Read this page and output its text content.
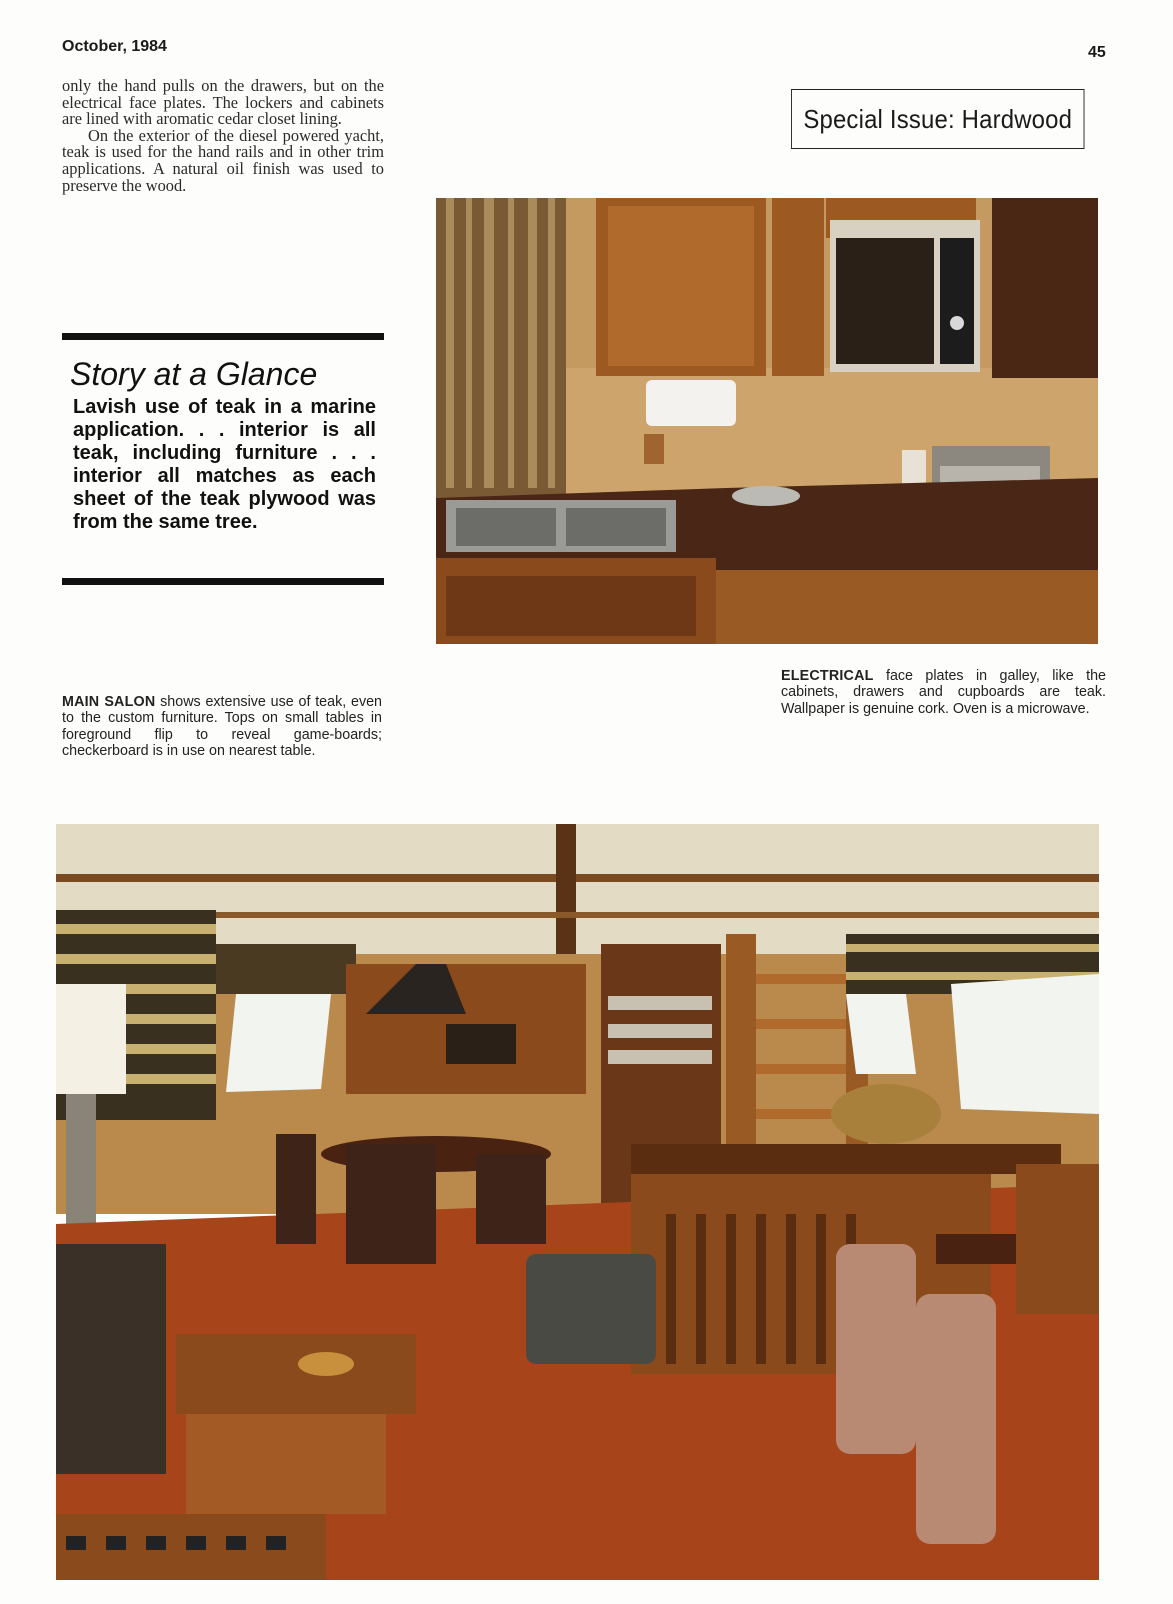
October, 1984	45

only the hand pulls on the drawers, but on the electrical face plates. The lockers and cabinets are lined with aromatic cedar closet lining.

On the exterior of the diesel powered yacht, teak is used for the hand rails and in other trim applications. A natural oil finish was used to preserve the wood.

Special Issue: Hardwood
Story at a Glance
Lavish use of teak in a marine application. . . interior is all teak, including furniture . . . interior all matches as each sheet of the teak plywood was from the same tree.
MAIN SALON shows extensive use of teak, even to the custom furniture. Tops on small tables in foreground flip to reveal game-boards; checkerboard is in use on nearest table.
ELECTRICAL face plates in galley, like the cabinets, drawers and cupboards are teak. Wallpaper is genuine cork. Oven is a microwave.
